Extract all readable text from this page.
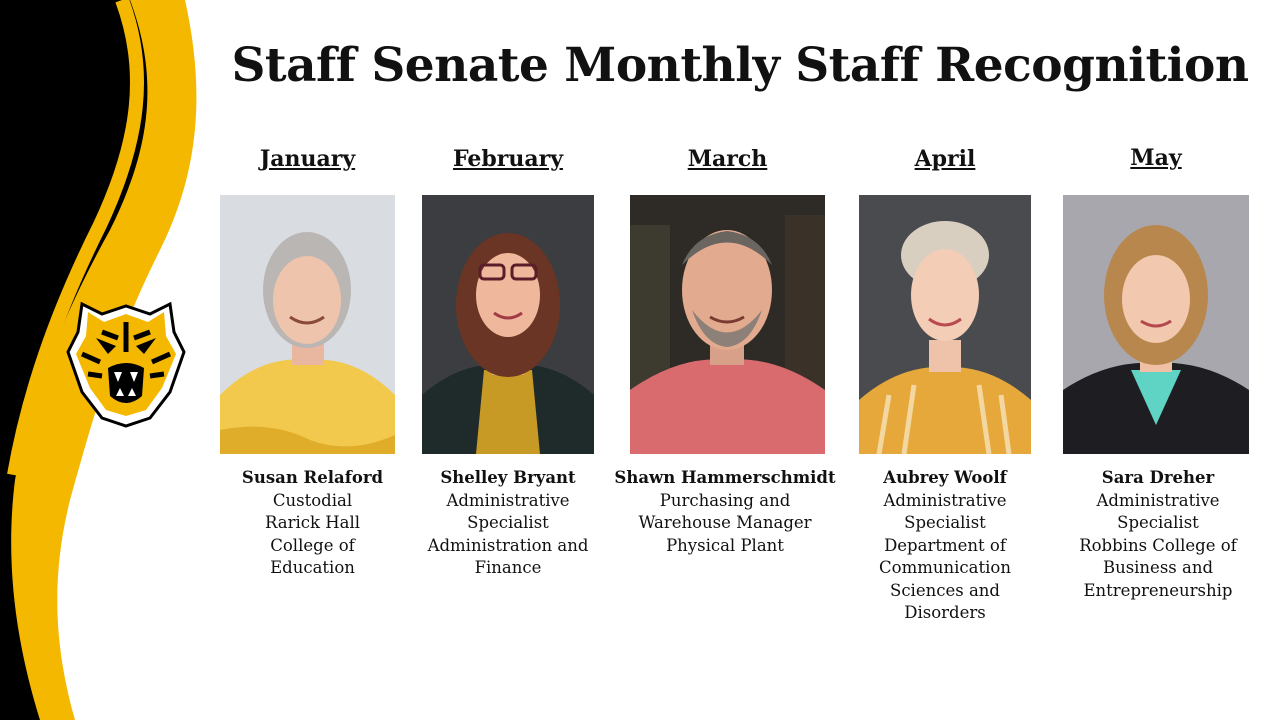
Staff Senate Monthly Staff Recognition
January
Susan Relaford
Custodial
Rarick Hall
College of
Education
February
Shelley Bryant
Administrative
Specialist
Administration and
Finance
March
Shawn Hammerschmidt
Purchasing and
Warehouse Manager
Physical Plant
April
Aubrey Woolf
Administrative
Specialist
Department of
Communication
Sciences and
Disorders
May
Sara Dreher
Administrative
Specialist
Robbins College of
Business and
Entrepreneurship
